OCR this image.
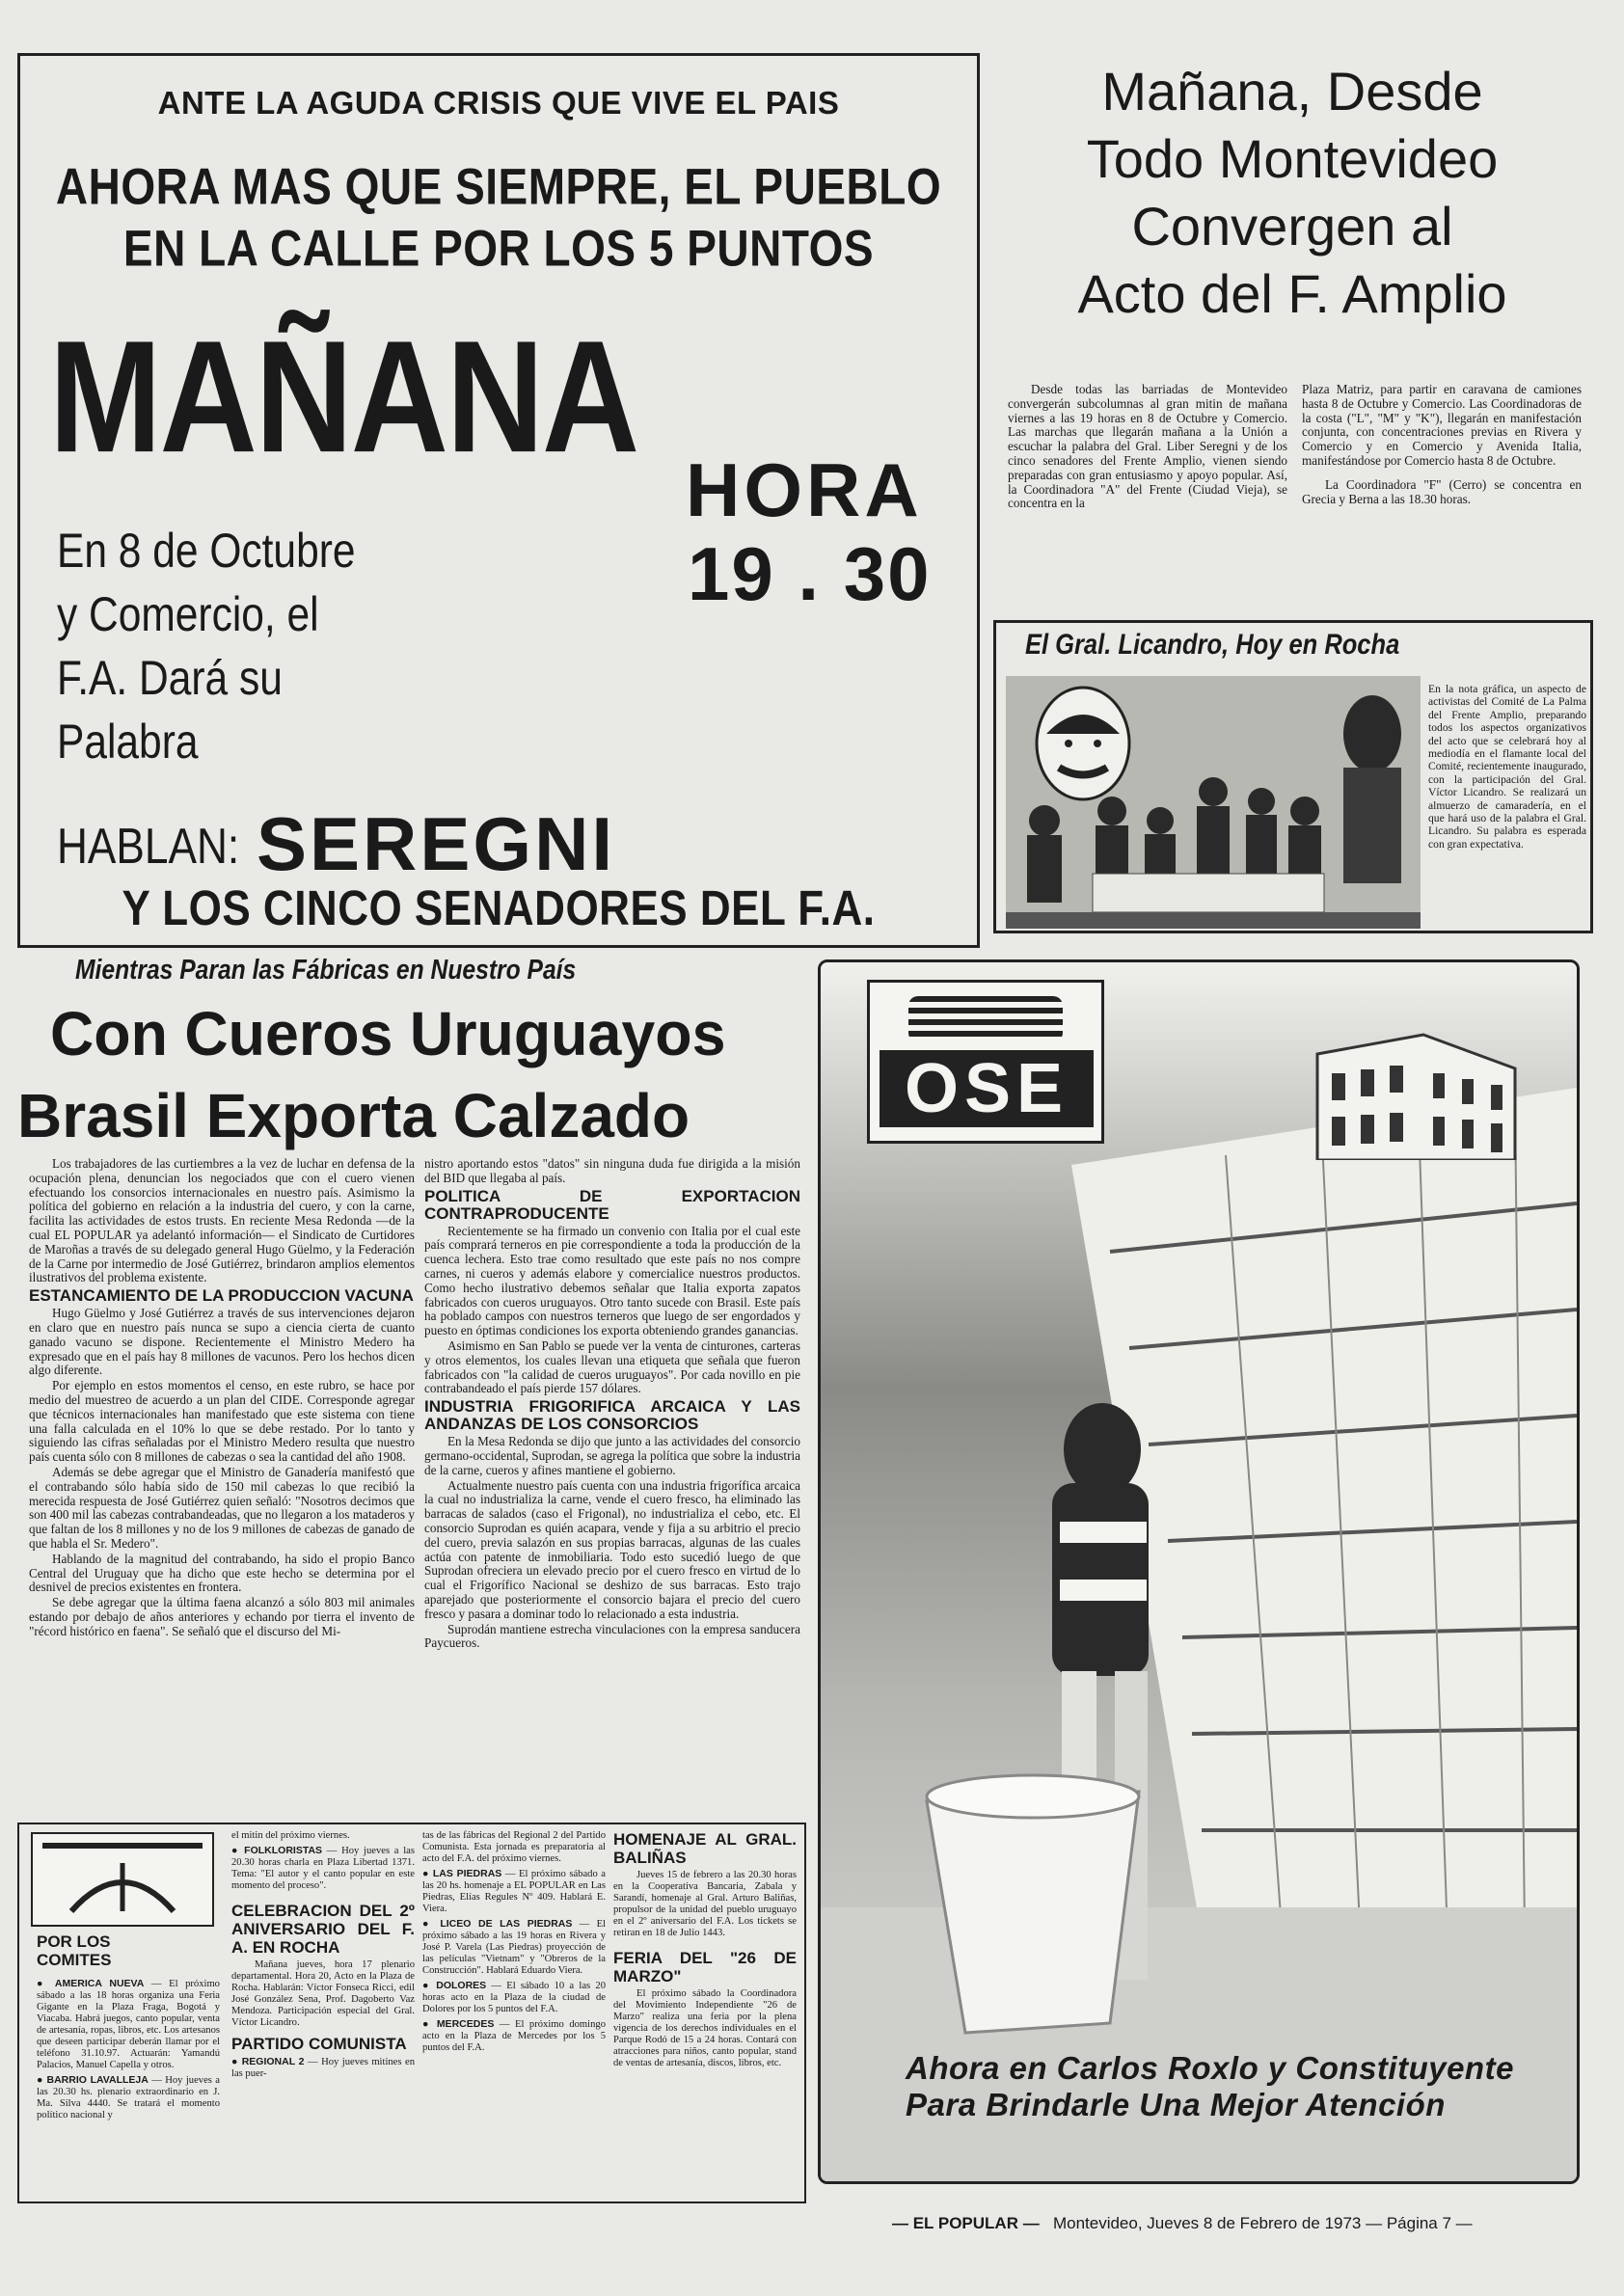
ANTE LA AGUDA CRISIS QUE VIVE EL PAIS
AHORA MAS QUE SIEMPRE, EL PUEBLO
EN LA CALLE POR LOS 5 PUNTOS
MAÑANA
HORA
19 . 30
En 8 de Octubre
y Comercio, el
F.A. Dará su
Palabra
HABLAN: SEREGNI
Y LOS CINCO SENADORES DEL F.A.
Mañana, Desde
Todo Montevideo
Convergen al
Acto del F. Amplio
Desde todas las barriadas de Montevideo convergerán subcolumnas al gran mitin de mañana viernes a las 19 horas en 8 de Octubre y Comercio. Las marchas que llegarán mañana a la Unión a escuchar la palabra del Gral. Liber Seregni y de los cinco senadores del Frente Amplio, vienen siendo preparadas con gran entusiasmo y apoyo popular. Así, la Coordinadora "A" del Frente (Ciudad Vieja), se concentra en la
Plaza Matriz, para partir en caravana de camiones hasta 8 de Octubre y Comercio. Las Coordinadoras de la costa ("L", "M" y "K"), llegarán en manifestación conjunta, con concentraciones previas en Rivera y Comercio y en Comercio y Avenida Italia, manifestándose por Comercio hasta 8 de Octubre.
La Coordinadora "F" (Cerro) se concentra en Grecia y Berna a las 18.30 horas.
El Gral. Licandro, Hoy en Rocha
En la nota gráfica, un aspecto de activistas del Comité de La Palma del Frente Amplio, preparando todos los aspectos organizativos del acto que se celebrará hoy al mediodía en el flamante local del Comité, recientemente inaugurado, con la participación del Gral. Víctor Licandro. Se realizará un almuerzo de camaradería, en el que hará uso de la palabra el Gral. Licandro. Su palabra es esperada con gran expectativa.
Mientras Paran las Fábricas en Nuestro País
Con Cueros Uruguayos
Brasil Exporta Calzado
Los trabajadores de las curtiembres a la vez de luchar en defensa de la ocupación plena, denuncian los negociados que con el cuero vienen efectuando los consorcios internacionales en nuestro país. Asimismo la política del gobierno en relación a la industria del cuero, y con la carne, facilita las actividades de estos trusts. En reciente Mesa Redonda —de la cual EL POPULAR ya adelantó información— el Sindicato de Curtidores de Maroñas a través de su delegado general Hugo Güelmo, y la Federación de la Carne por intermedio de José Gutiérrez, brindaron amplios elementos ilustrativos del problema existente.
ESTANCAMIENTO DE LA PRODUCCION VACUNA
Hugo Güelmo y José Gutiérrez a través de sus intervenciones dejaron en claro que en nuestro país nunca se supo a ciencia cierta de cuanto ganado vacuno se dispone. Recientemente el Ministro Medero ha expresado que en el país hay 8 millones de vacunos. Pero los hechos dicen algo diferente.
Por ejemplo en estos momentos el censo, en este rubro, se hace por medio del muestreo de acuerdo a un plan del CIDE. Corresponde agregar que técnicos internacionales han manifestado que este sistema con tiene una falla calculada en el 10% lo que se debe restado. Por lo tanto y siguiendo las cifras señaladas por el Ministro Medero resulta que nuestro país cuenta sólo con 8 millones de cabezas o sea la cantidad del año 1908.
Además se debe agregar que el Ministro de Ganadería manifestó que el contrabando sólo había sido de 150 mil cabezas lo que recibió la merecida respuesta de José Gutiérrez quien señaló: "Nosotros decimos que son 400 mil las cabezas contrabandeadas, que no llegaron a los mataderos y que faltan de los 8 millones y no de los 9 millones de cabezas de ganado de que habla el Sr. Medero".
Hablando de la magnitud del contrabando, ha sido el propio Banco Central del Uruguay que ha dicho que este hecho se determina por el desnivel de precios existentes en frontera.
Se debe agregar que la última faena alcanzó a sólo 803 mil animales estando por debajo de años anteriores y echando por tierra el invento de "récord histórico en faena". Se señaló que el discurso del Mi-
nistro aportando estos "datos" sin ninguna duda fue dirigida a la misión del BID que llegaba al país.
POLITICA DE EXPORTACION CONTRAPRODUCENTE
Recientemente se ha firmado un convenio con Italia por el cual este país comprará terneros en pie correspondiente a toda la producción de la cuenca lechera. Esto trae como resultado que este país no nos compre carnes, ni cueros y además elabore y comercialice nuestros productos. Como hecho ilustrativo debemos señalar que Italia exporta zapatos fabricados con cueros uruguayos. Otro tanto sucede con Brasil. Este país ha poblado campos con nuestros terneros que luego de ser engordados y puesto en óptimas condiciones los exporta obteniendo grandes ganancias.
Asimismo en San Pablo se puede ver la venta de cinturones, carteras y otros elementos, los cuales llevan una etiqueta que señala que fueron fabricados con "la calidad de cueros uruguayos". Por cada novillo en pie contrabandeado el país pierde 157 dólares.
INDUSTRIA FRIGORIFICA ARCAICA Y LAS ANDANZAS DE LOS CONSORCIOS
En la Mesa Redonda se dijo que junto a las actividades del consorcio germano-occidental, Suprodan, se agrega la política que sobre la industria de la carne, cueros y afines mantiene el gobierno.
Actualmente nuestro país cuenta con una industria frigorífica arcaica la cual no industrializa la carne, vende el cuero fresco, ha eliminado las barracas de salados (caso el Frigonal), no industrializa el cebo, etc. El consorcio Suprodan es quién acapara, vende y fija a su arbitrio el precio del cuero, previa salazón en sus propias barracas, algunas de las cuales actúa con patente de inmobiliaria. Todo esto sucedió luego de que Suprodan ofreciera un elevado precio por el cuero fresco en virtud de lo cual el Frigorífico Nacional se deshizo de sus barracas. Esto trajo aparejado que posteriormente el consorcio bajara el precio del cuero fresco y pasara a dominar todo lo relacionado a esta industria.
Suprodán mantiene estrecha vinculaciones con la empresa sanducera Paycueros.
POR LOS COMITES
● AMERICA NUEVA — El próximo sábado a las 18 horas organiza una Feria Gigante en la Plaza Fraga, Bogotá y Viacaba. Habrá juegos, canto popular, venta de artesanía, ropas, libros, etc. Los artesanos que deseen participar deberán llamar por el teléfono 31.10.97. Actuarán: Yamandú Palacios, Manuel Capella y otros.
● BARRIO LAVALLEJA — Hoy jueves a las 20.30 hs. plenario extraordinario en J. Ma. Silva 4440. Se tratará el momento político nacional y
el mitin del próximo viernes.
● FOLKLORISTAS — Hoy jueves a las 20.30 horas charla en Plaza Libertad 1371. Tema: "El autor y el canto popular en este momento del proceso".
CELEBRACION DEL 2º ANIVERSARIO DEL F. A. EN ROCHA
Mañana jueves, hora 17 plenario departamental. Hora 20, Acto en la Plaza de Rocha. Hablarán: Víctor Fonseca Ricci, edil José González Sena, Prof. Dagoberto Vaz Mendoza. Participación especial del Gral. Víctor Licandro.
PARTIDO COMUNISTA
● REGIONAL 2 — Hoy jueves mitines en las puer-
tas de las fábricas del Regional 2 del Partido Comunista. Esta jornada es preparatoria al acto del F.A. del próximo viernes.
● LAS PIEDRAS — El próximo sábado a las 20 hs. homenaje a EL POPULAR en Las Piedras, Elías Regules Nº 409. Hablará E. Viera.
● LICEO DE LAS PIEDRAS — El próximo sábado a las 19 horas en Rivera y José P. Varela (Las Piedras) proyección de las películas "Vietnam" y "Obreros de la Construcción". Hablará Eduardo Viera.
● DOLORES — El sábado 10 a las 20 horas acto en la Plaza de la ciudad de Dolores por los 5 puntos del F.A.
● MERCEDES — El próximo domingo acto en la Plaza de Mercedes por los 5 puntos del F.A.
HOMENAJE AL GRAL. BALIÑAS
Jueves 15 de febrero a las 20.30 horas en la Cooperativa Bancaria, Zabala y Sarandí, homenaje al Gral. Arturo Baliñas, propulsor de la unidad del pueblo uruguayo en el 2º aniversario del F.A. Los tickets se retiran en 18 de Julio 1443.
FERIA DEL "26 DE MARZO"
El próximo sábado la Coordinadora del Movimiento Independiente "26 de Marzo" realiza una feria por la plena vigencia de los derechos individuales en el Parque Rodó de 15 a 24 horas. Contará con atracciones para niños, canto popular, stand de ventas de artesanía, discos, libros, etc.
OSE
Ahora en Carlos Roxlo y Constituyente Para Brindarle Una Mejor Atención
— EL POPULAR — Montevideo, Jueves 8 de Febrero de 1973 — Página 7 —
